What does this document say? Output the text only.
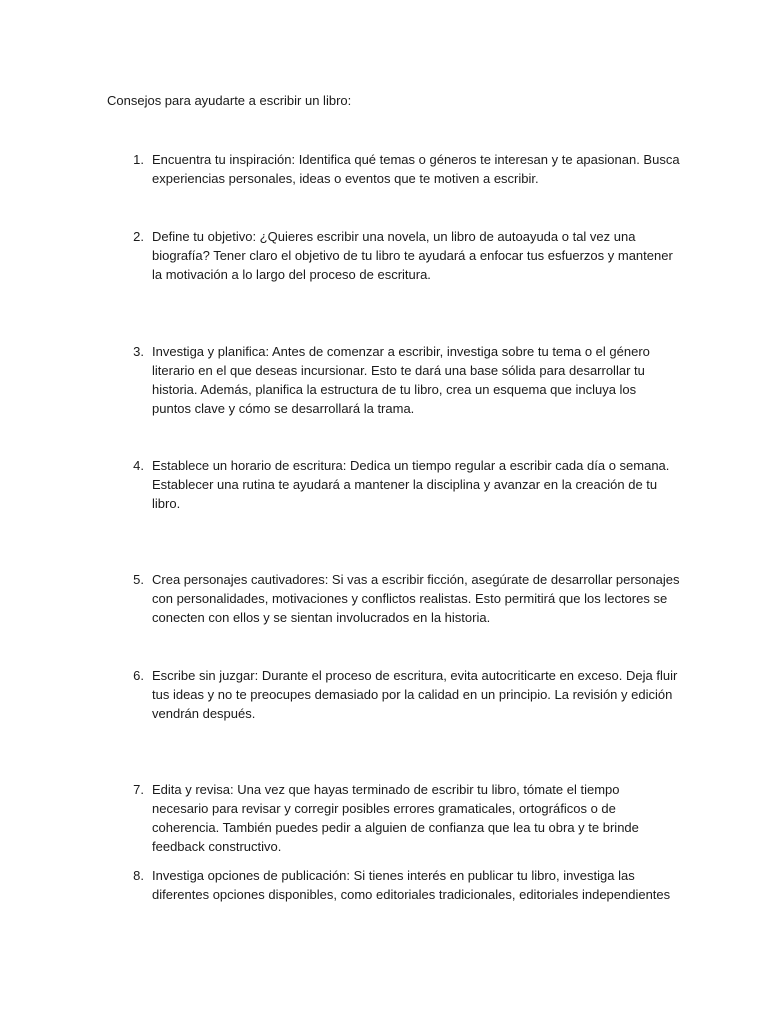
Consejos para ayudarte a escribir un libro:

1. Encuentra tu inspiración: Identifica qué temas o géneros te interesan y te apasionan. Busca
experiencias personales, ideas o eventos que te motiven a escribir.

2. Define tu objetivo: ¿Quieres escribir una novela, un libro de autoayuda o tal vez una
biografía? Tener claro el objetivo de tu libro te ayudará a enfocar tus esfuerzos y mantener
la motivación a lo largo del proceso de escritura.

3. Investiga y planifica: Antes de comenzar a escribir, investiga sobre tu tema o el género
literario en el que deseas incursionar. Esto te dará una base sólida para desarrollar tu
historia. Además, planifica la estructura de tu libro, crea un esquema que incluya los
puntos clave y cómo se desarrollará la trama.

4. Establece un horario de escritura: Dedica un tiempo regular a escribir cada día o semana.
Establecer una rutina te ayudará a mantener la disciplina y avanzar en la creación de tu
libro.

5. Crea personajes cautivadores: Si vas a escribir ficción, asegúrate de desarrollar personajes
con personalidades, motivaciones y conflictos realistas. Esto permitirá que los lectores se
conecten con ellos y se sientan involucrados en la historia.

6. Escribe sin juzgar: Durante el proceso de escritura, evita autocriticarte en exceso. Deja fluir
tus ideas y no te preocupes demasiado por la calidad en un principio. La revisión y edición
vendrán después.

7. Edita y revisa: Una vez que hayas terminado de escribir tu libro, tómate el tiempo
necesario para revisar y corregir posibles errores gramaticales, ortográficos o de
coherencia. También puedes pedir a alguien de confianza que lea tu obra y te brinde
feedback constructivo.

8. Investiga opciones de publicación: Si tienes interés en publicar tu libro, investiga las
diferentes opciones disponibles, como editoriales tradicionales, editoriales independientes
